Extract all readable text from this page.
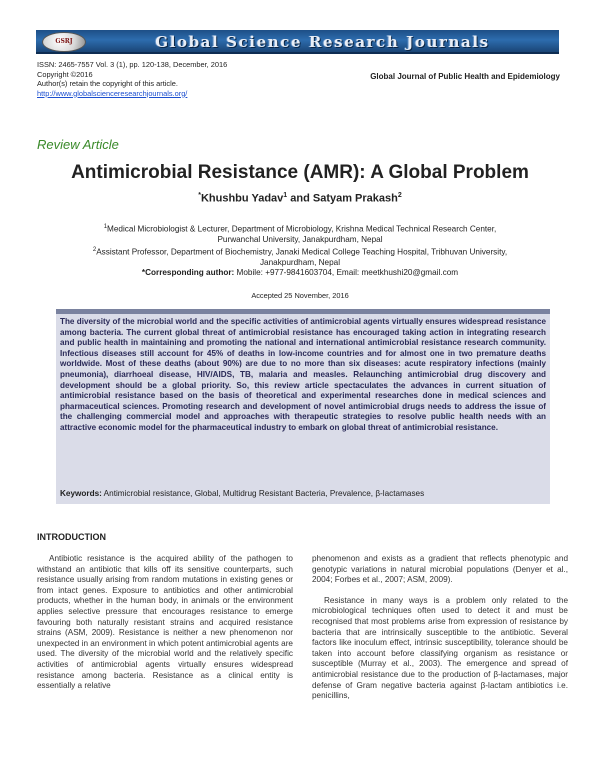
GSRJ	Global Science Research Journals
ISSN: 2465-7557 Vol. 3 (1), pp. 120-138, December, 2016
Copyright ©2016
Author(s) retain the copyright of this article.
http://www.globalscienceresearchjournals.org/
Global Journal of Public Health and Epidemiology
Review Article
Antimicrobial Resistance (AMR): A Global Problem
*Khushbu Yadav$^1$ and Satyam Prakash$^2$
$^1$Medical Microbiologist & Lecturer, Department of Microbiology, Krishna Medical Technical Research Center,
Purwanchal University, Janakpurdham, Nepal
$^2$Assistant Professor, Department of Biochemistry, Janaki Medical College Teaching Hospital, Tribhuvan University,
Janakpurdham, Nepal
*Corresponding author: Mobile: +977-9841603704, Email: meetkhushi20@gmail.com
Accepted 25 November, 2016
The diversity of the microbial world and the specific activities of antimicrobial agents virtually ensures widespread resistance among bacteria. The current global threat of antimicrobial resistance has encouraged taking action in integrating research and public health in maintaining and promoting the national and international antimicrobial resistance research community. Infectious diseases still account for 45% of deaths in low-income countries and for almost one in two premature deaths worldwide. Most of these deaths (about 90%) are due to no more than six diseases: acute respiratory infections (mainly pneumonia), diarrhoeal disease, HIV/AIDS, TB, malaria and measles. Relaunching antimicrobial drug discovery and development should be a global priority. So, this review article spectaculates the advances in current situation of antimicrobial resistance based on the basis of theoretical and experimental researches done in medical sciences and pharmaceutical sciences. Promoting research and development of novel antimicrobial drugs needs to address the issue of the challenging commercial model and approaches with therapeutic strategies to resolve public health needs with an attractive economic model for the pharmaceutical industry to embark on global threat of antimicrobial resistance.
Keywords: Antimicrobial resistance, Global, Multidrug Resistant Bacteria, Prevalence, β-lactamases
INTRODUCTION

Antibiotic resistance is the acquired ability of the pathogen to withstand an antibiotic that kills off its sensitive counterparts, such resistance usually arising from random mutations in existing genes or from intact genes. Exposure to antibiotics and other antimicrobial products, whether in the human body, in animals or the environment applies selective pressure that encourages resistance to emerge favouring both naturally resistant strains and acquired resistance strains (ASM, 2009). Resistance is neither a new phenomenon nor unexpected in an environment in which potent antimicrobial agents are used. The diversity of the microbial world and the relatively specific activities of antimicrobial agents virtually ensures widespread resistance among bacteria. Resistance as a clinical entity is essentially a relative

phenomenon and exists as a gradient that reflects phenotypic and genotypic variations in natural microbial populations (Denyer et al., 2004; Forbes et al., 2007; ASM, 2009).

Resistance in many ways is a problem only related to the microbiological techniques often used to detect it and must be recognised that most problems arise from expression of resistance by bacteria that are intrinsically susceptible to the antibiotic. Several factors like inoculum effect, intrinsic susceptibility, tolerance should be taken into account before classifying organism as resistance or susceptible (Murray et al., 2003). The emergence and spread of antimicrobial resistance due to the production of β-lactamases, major defense of Gram negative bacteria against β-lactam antibiotics i.e. penicillins,
